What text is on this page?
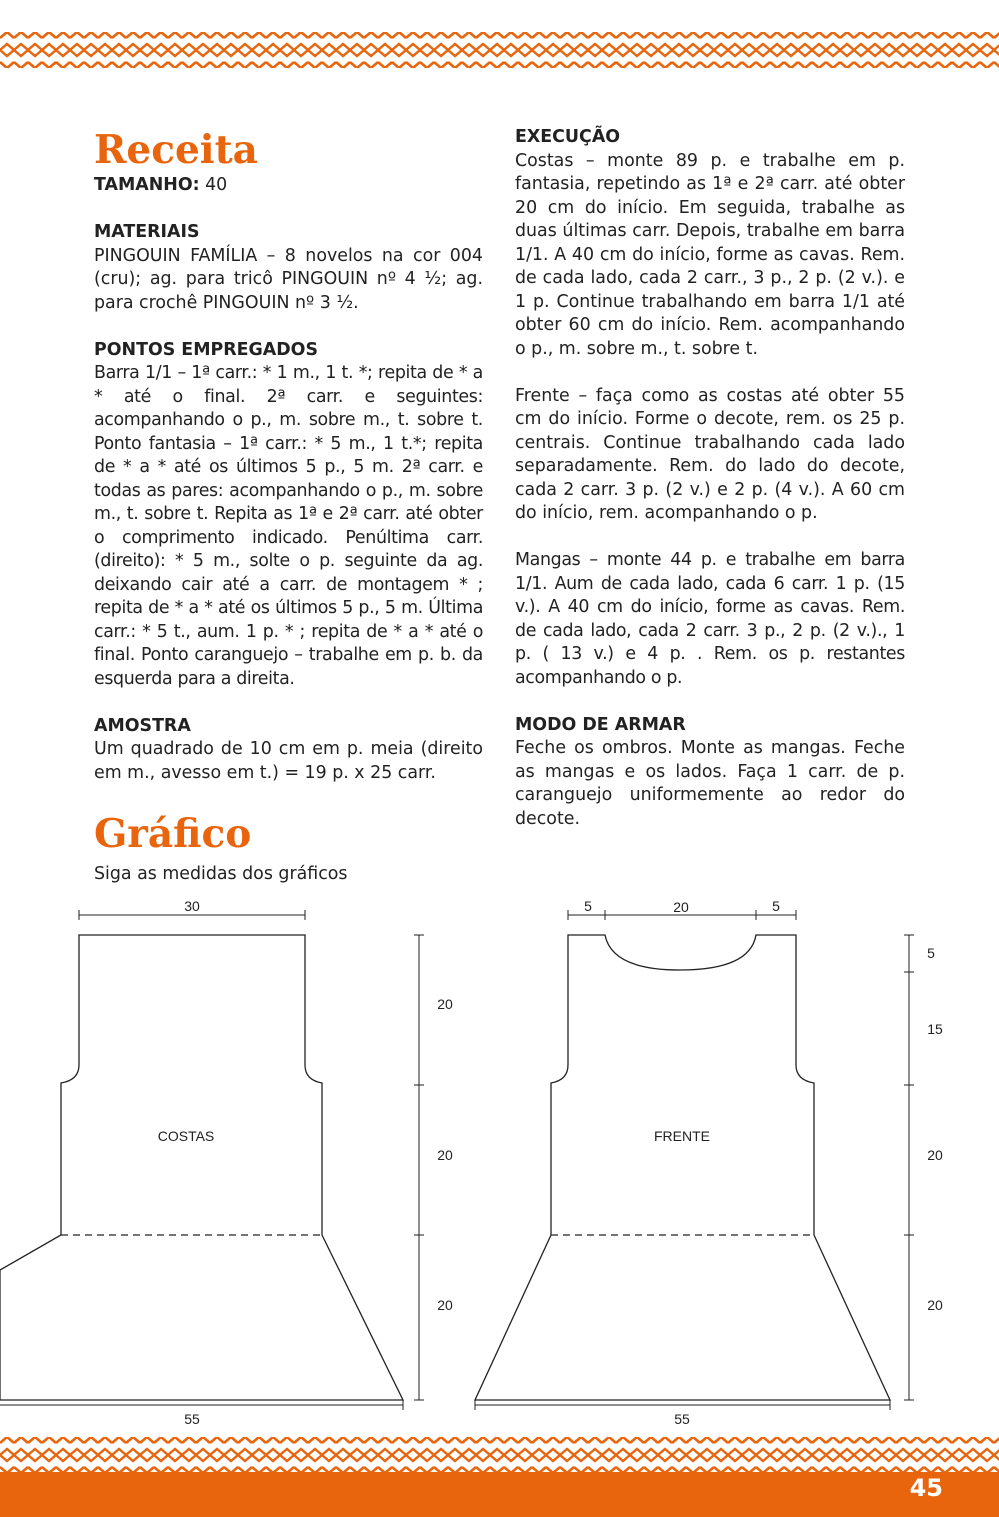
Receita

TAMANHO: 40

MATERIAIS

PINGOUIN FAMÍLIA – 8 novelos na cor 004 (cru); ag. para tricô PINGOUIN nº 4 ½; ag. para crochê PINGOUIN nº 3 ½.

PONTOS EMPREGADOS

Barra 1/1 – 1ª carr.: * 1 m., 1 t. *; repita de * a * até o final. 2ª carr. e seguintes: acompanhando o p., m. sobre m., t. sobre t. Ponto fantasia – 1ª carr.: * 5 m., 1 t.*; repita de * a * até os últimos 5 p., 5 m. 2ª carr. e todas as pares: acompanhando o p., m. sobre m., t. sobre t. Repita as 1ª e 2ª carr. até obter o comprimento indicado. Penúltima carr. (direito): * 5 m., solte o p. seguinte da ag. deixando cair até a carr. de montagem * ; repita de * a * até os últimos 5 p., 5 m. Última carr.: * 5 t., aum. 1 p. * ; repita de * a * até o final. Ponto caranguejo – trabalhe em p. b. da esquerda para a direita.

AMOSTRA

Um quadrado de 10 cm em p. meia (direito em m., avesso em t.) = 19 p. x 25 carr.

EXECUÇÃO

Costas – monte 89 p. e trabalhe em p. fantasia, repetindo as 1ª e 2ª carr. até obter 20 cm do início. Em seguida, trabalhe as duas últimas carr. Depois, trabalhe em barra 1/1. A 40 cm do início, forme as cavas. Rem. de cada lado, cada 2 carr., 3 p., 2 p. (2 v.). e 1 p. Continue trabalhando em barra 1/1 até obter 60 cm do início. Rem. acompanhando o p., m. sobre m., t. sobre t.

Frente – faça como as costas até obter 55 cm do início. Forme o decote, rem. os 25 p. centrais. Continue trabalhando cada lado separadamente. Rem. do lado do decote, cada 2 carr. 3 p. (2 v.) e 2 p. (4 v.). A 60 cm do início, rem. acompanhando o p.

Mangas – monte 44 p. e trabalhe em barra 1/1. Aum de cada lado, cada 6 carr. 1 p. (15 v.). A 40 cm do início, forme as cavas. Rem. de cada lado, cada 2 carr. 3 p., 2 p. (2 v.)., 1 p. ( 13 v.) e 4 p. . Rem. os p. restantes acompanhando o p.

MODO DE ARMAR

Feche os ombros. Monte as mangas. Feche as mangas e os lados. Faça 1 carr. de p. caranguejo uniformemente ao redor do decote.

Gráfico

Siga as medidas dos gráficos

COSTAS	FRENTE
30
55
20
20
20
5	20	5
55
5
15
20
20
45
